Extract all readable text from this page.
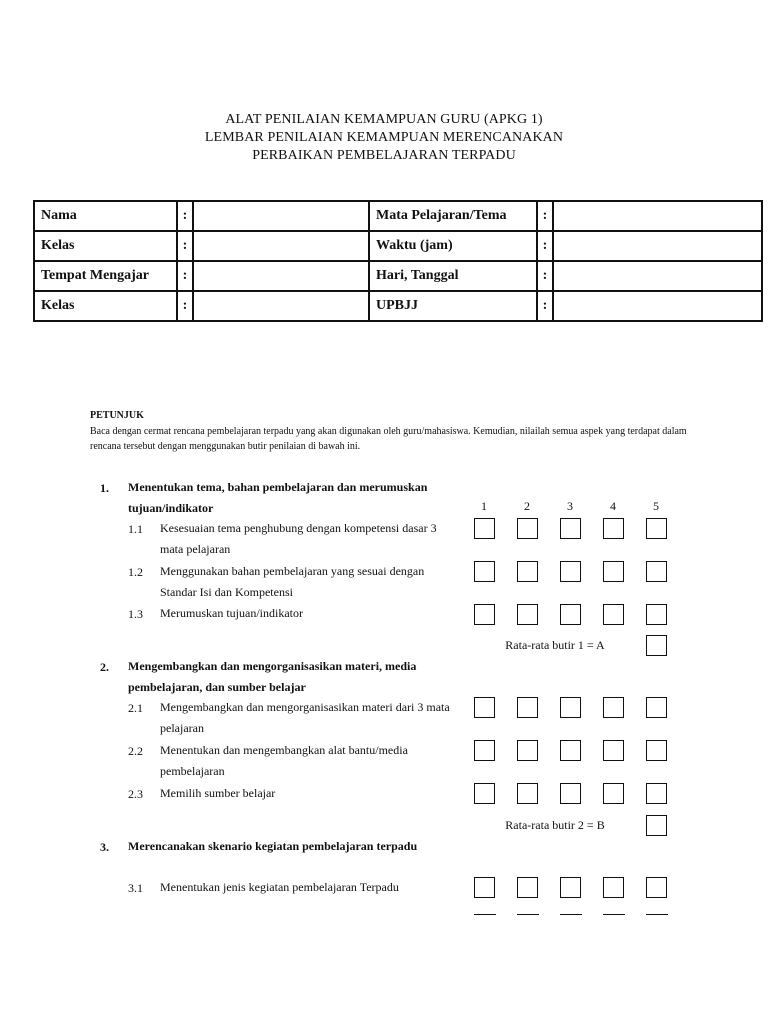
ALAT PENILAIAN KEMAMPUAN GURU (APKG 1)
LEMBAR PENILAIAN KEMAMPUAN MERENCANAKAN
PERBAIKAN PEMBELAJARAN TERPADU
Nama	:		Mata Pelajaran/Tema	:	
Kelas	:		Waktu (jam)	:	
Tempat Mengajar	:		Hari, Tanggal	:	
Kelas	:		UPBJJ	:	
PETUNJUK
Baca dengan cermat rencana pembelajaran terpadu yang akan digunakan oleh guru/mahasiswa. Kemudian, nilailah semua aspek yang terdapat dalam rencana tersebut dengan menggunakan butir penilaian di bawah ini.
1	2	3	4	5
1. Menentukan tema, bahan pembelajaran dan merumuskan tujuan/indikator
1.1 Kesesuaian tema penghubung dengan kompetensi dasar 3 mata pelajaran
1.2 Menggunakan bahan pembelajaran yang sesuai dengan Standar Isi dan Kompetensi
1.3 Merumuskan tujuan/indikator
Rata-rata butir 1 = A
2. Mengembangkan dan mengorganisasikan materi, media pembelajaran, dan sumber belajar
2.1 Mengembangkan dan mengorganisasikan materi dari 3 mata pelajaran
2.2 Menentukan dan mengembangkan alat bantu/media pembelajaran
2.3 Memilih sumber belajar
Rata-rata butir 2 = B
3. Merencanakan skenario kegiatan pembelajaran terpadu
3.1 Menentukan jenis kegiatan pembelajaran Terpadu
